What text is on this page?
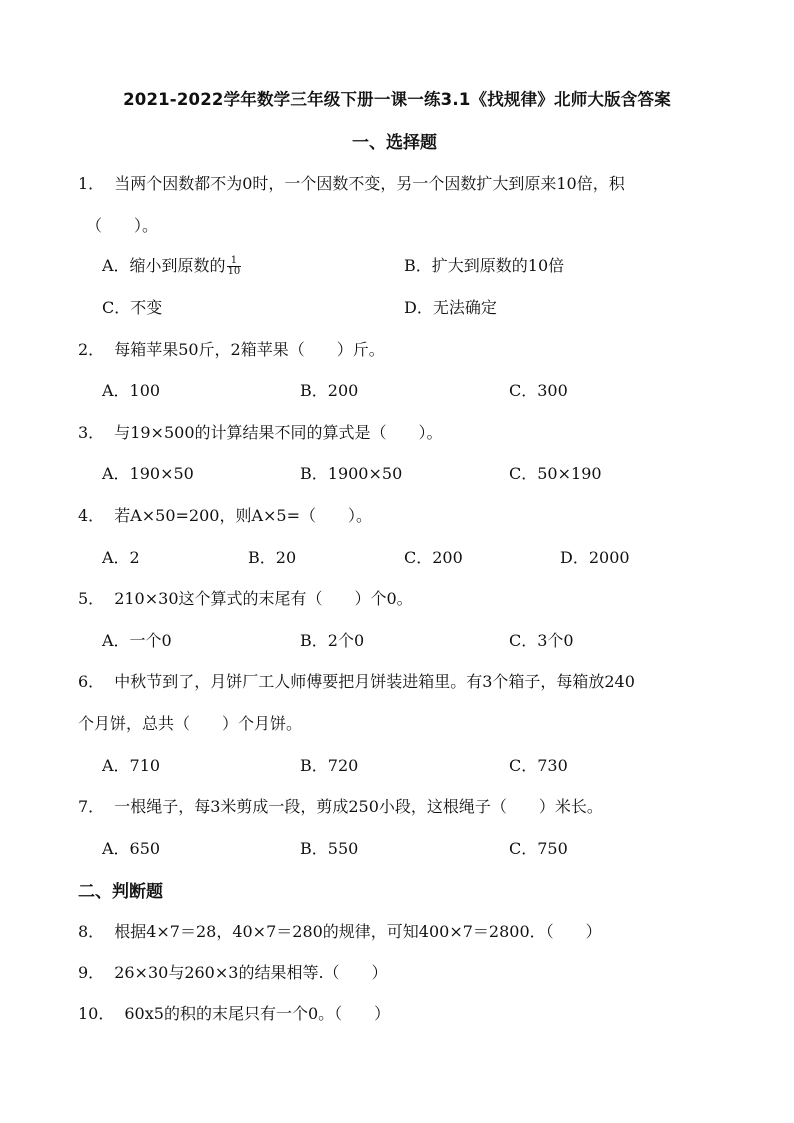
2021-2022学年数学三年级下册一课一练3.1《找规律》北师大版含答案
一、选择题
1． 当两个因数都不为0时，一个因数不变，另一个因数扩大到原来10倍，积
（　　）。
A．缩小到原数的 $\frac{1}{10}$	B．扩大到原数的10倍
C．不变	D．无法确定
2． 每箱苹果50斤，2箱苹果（　　）斤。
A．100	B．200	C．300
3． 与19×500的计算结果不同的算式是（　　）。
A．190×50	B．1900×50	C．50×190
4． 若A×50=200，则A×5=（　　）。
A．2	B．20	C．200	D．2000
5． 210×30这个算式的末尾有（　　）个0。
A．一个0	B．2个0	C．3个0
6． 中秋节到了，月饼厂工人师傅要把月饼装进箱里。有3个箱子，每箱放240
个月饼，总共（　　）个月饼。
A．710	B．720	C．730
7． 一根绳子，每3米剪成一段，剪成250小段，这根绳子（　　）米长。
A．650	B．550	C．750
二、判断题
8． 根据4×7＝28，40×7＝280的规律，可知400×7＝2800．（　　）
9． 26×30与260×3的结果相等.（　　）
10． 60x5的积的末尾只有一个0。（　　）
